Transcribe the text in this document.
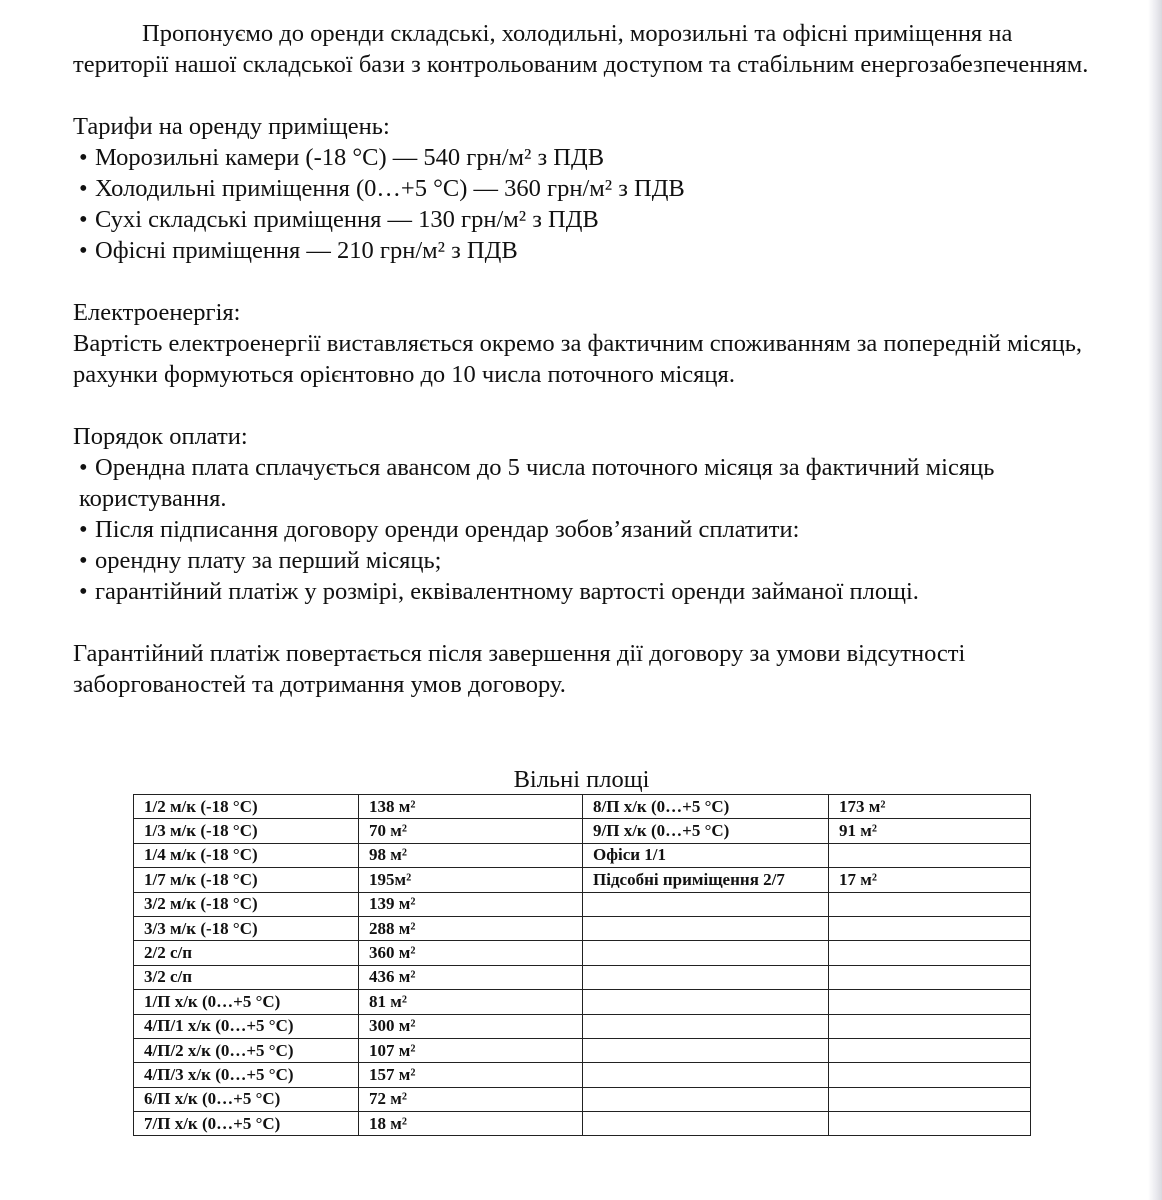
Пропонуємо до оренди складські, холодильні, морозильні та офісні приміщення на території нашої складської бази з контрольованим доступом та стабільним енергозабезпеченням.

Тарифи на оренду приміщень:

• Морозильні камери (-18 °С) — 540 грн/м² з ПДВ
• Холодильні приміщення (0…+5 °С) — 360 грн/м² з ПДВ
• Сухі складські приміщення — 130 грн/м² з ПДВ
• Офісні приміщення — 210 грн/м² з ПДВ

Електроенергія:

Вартість електроенергії виставляється окремо за фактичним споживанням за попередній місяць, рахунки формуються орієнтовно до 10 числа поточного місяця.

Порядок оплати:

• Орендна плата сплачується авансом до 5 числа поточного місяця за фактичний місяць користування.
• Після підписання договору оренди орендар зобов’язаний сплатити:
• орендну плату за перший місяць;
• гарантійний платіж у розмірі, еквівалентному вартості оренди займаної площі.

Гарантійний платіж повертається після завершення дії договору за умови відсутності заборгованостей та дотримання умов договору.

Вільні площі
1/2 м/к (-18 °С)	138 м²	8/П х/к (0…+5 °С)	173 м²
1/3 м/к (-18 °С)	70 м²	9/П х/к (0…+5 °С)	91 м²
1/4 м/к (-18 °С)	98 м²	Офіси 1/1	
1/7 м/к (-18 °С)	195м²	Підсобні приміщення 2/7	17 м²
3/2 м/к (-18 °С)	139 м²		
3/3 м/к (-18 °С)	288 м²		
2/2 с/п	360 м²		
3/2 с/п	436 м²		
1/П х/к (0…+5 °С)	81 м²		
4/П/1 х/к (0…+5 °С)	300 м²		
4/П/2 х/к (0…+5 °С)	107 м²		
4/П/3 х/к (0…+5 °С)	157 м²		
6/П х/к (0…+5 °С)	72 м²		
7/П х/к (0…+5 °С)	18 м²		
